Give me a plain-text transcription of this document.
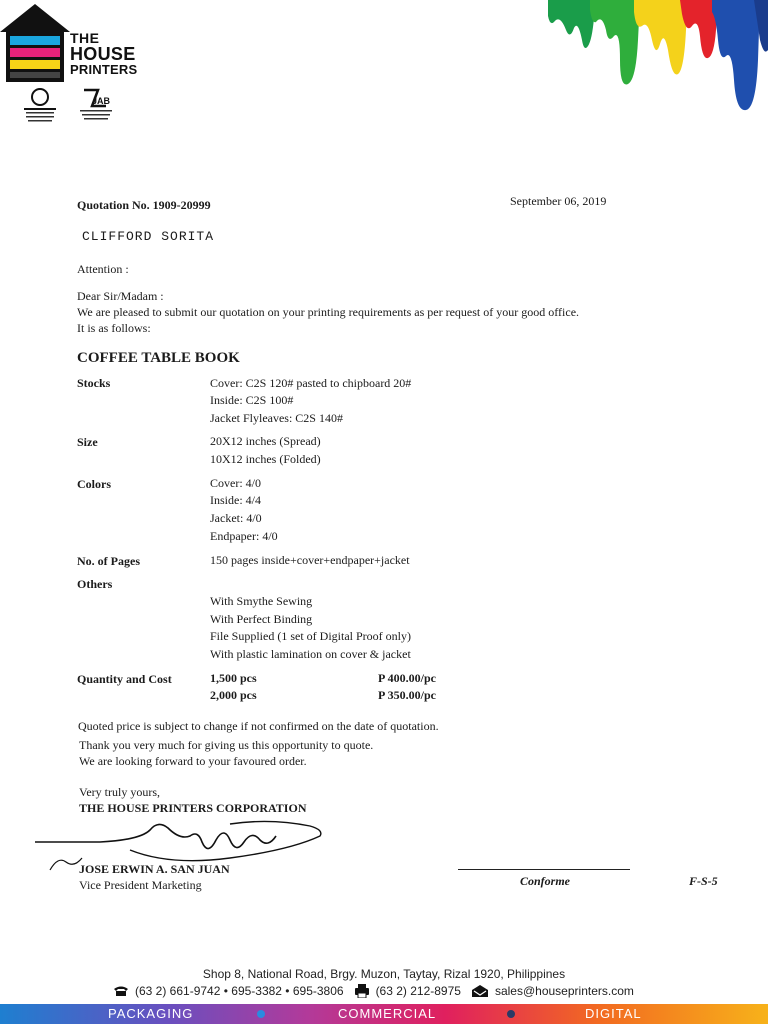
THE
HOUSE
PRINTERS
JAB
Quotation No. 1909-20999	September 06, 2019
CLIFFORD SORITA
Attention :
Dear Sir/Madam :
We are pleased to submit our quotation on your printing requirements as per request of your good office.
It is as follows:
COFFEE TABLE BOOK
Stocks	Cover: C2S 120# pasted to chipboard 20#
Inside: C2S 100#
Jacket Flyleaves: C2S 140#
Size	20X12 inches (Spread)
10X12 inches (Folded)
Colors	Cover: 4/0
Inside: 4/4
Jacket: 4/0
Endpaper: 4/0
No. of Pages	150 pages inside+cover+endpaper+jacket
Others
With Smythe Sewing
With Perfect Binding
File Supplied (1 set of Digital Proof only)
With plastic lamination on cover & jacket
Quantity and Cost	1,500 pcs	P 400.00/pc
2,000 pcs	P 350.00/pc
Quoted price is subject to change if not confirmed on the date of quotation.
Thank you very much for giving us this opportunity to quote.
We are looking forward to your favoured order.
Very truly yours,
THE HOUSE PRINTERS CORPORATION
JOSE ERWIN A. SAN JUAN
Vice President Marketing	Conforme	F-S-5
Shop 8, National Road, Brgy. Muzon, Taytay, Rizal 1920, Philippines
(63 2) 661-9742 • 695-3382 • 695-3806	(63 2) 212-8975	sales@houseprinters.com
PACKAGING	COMMERCIAL	DIGITAL
